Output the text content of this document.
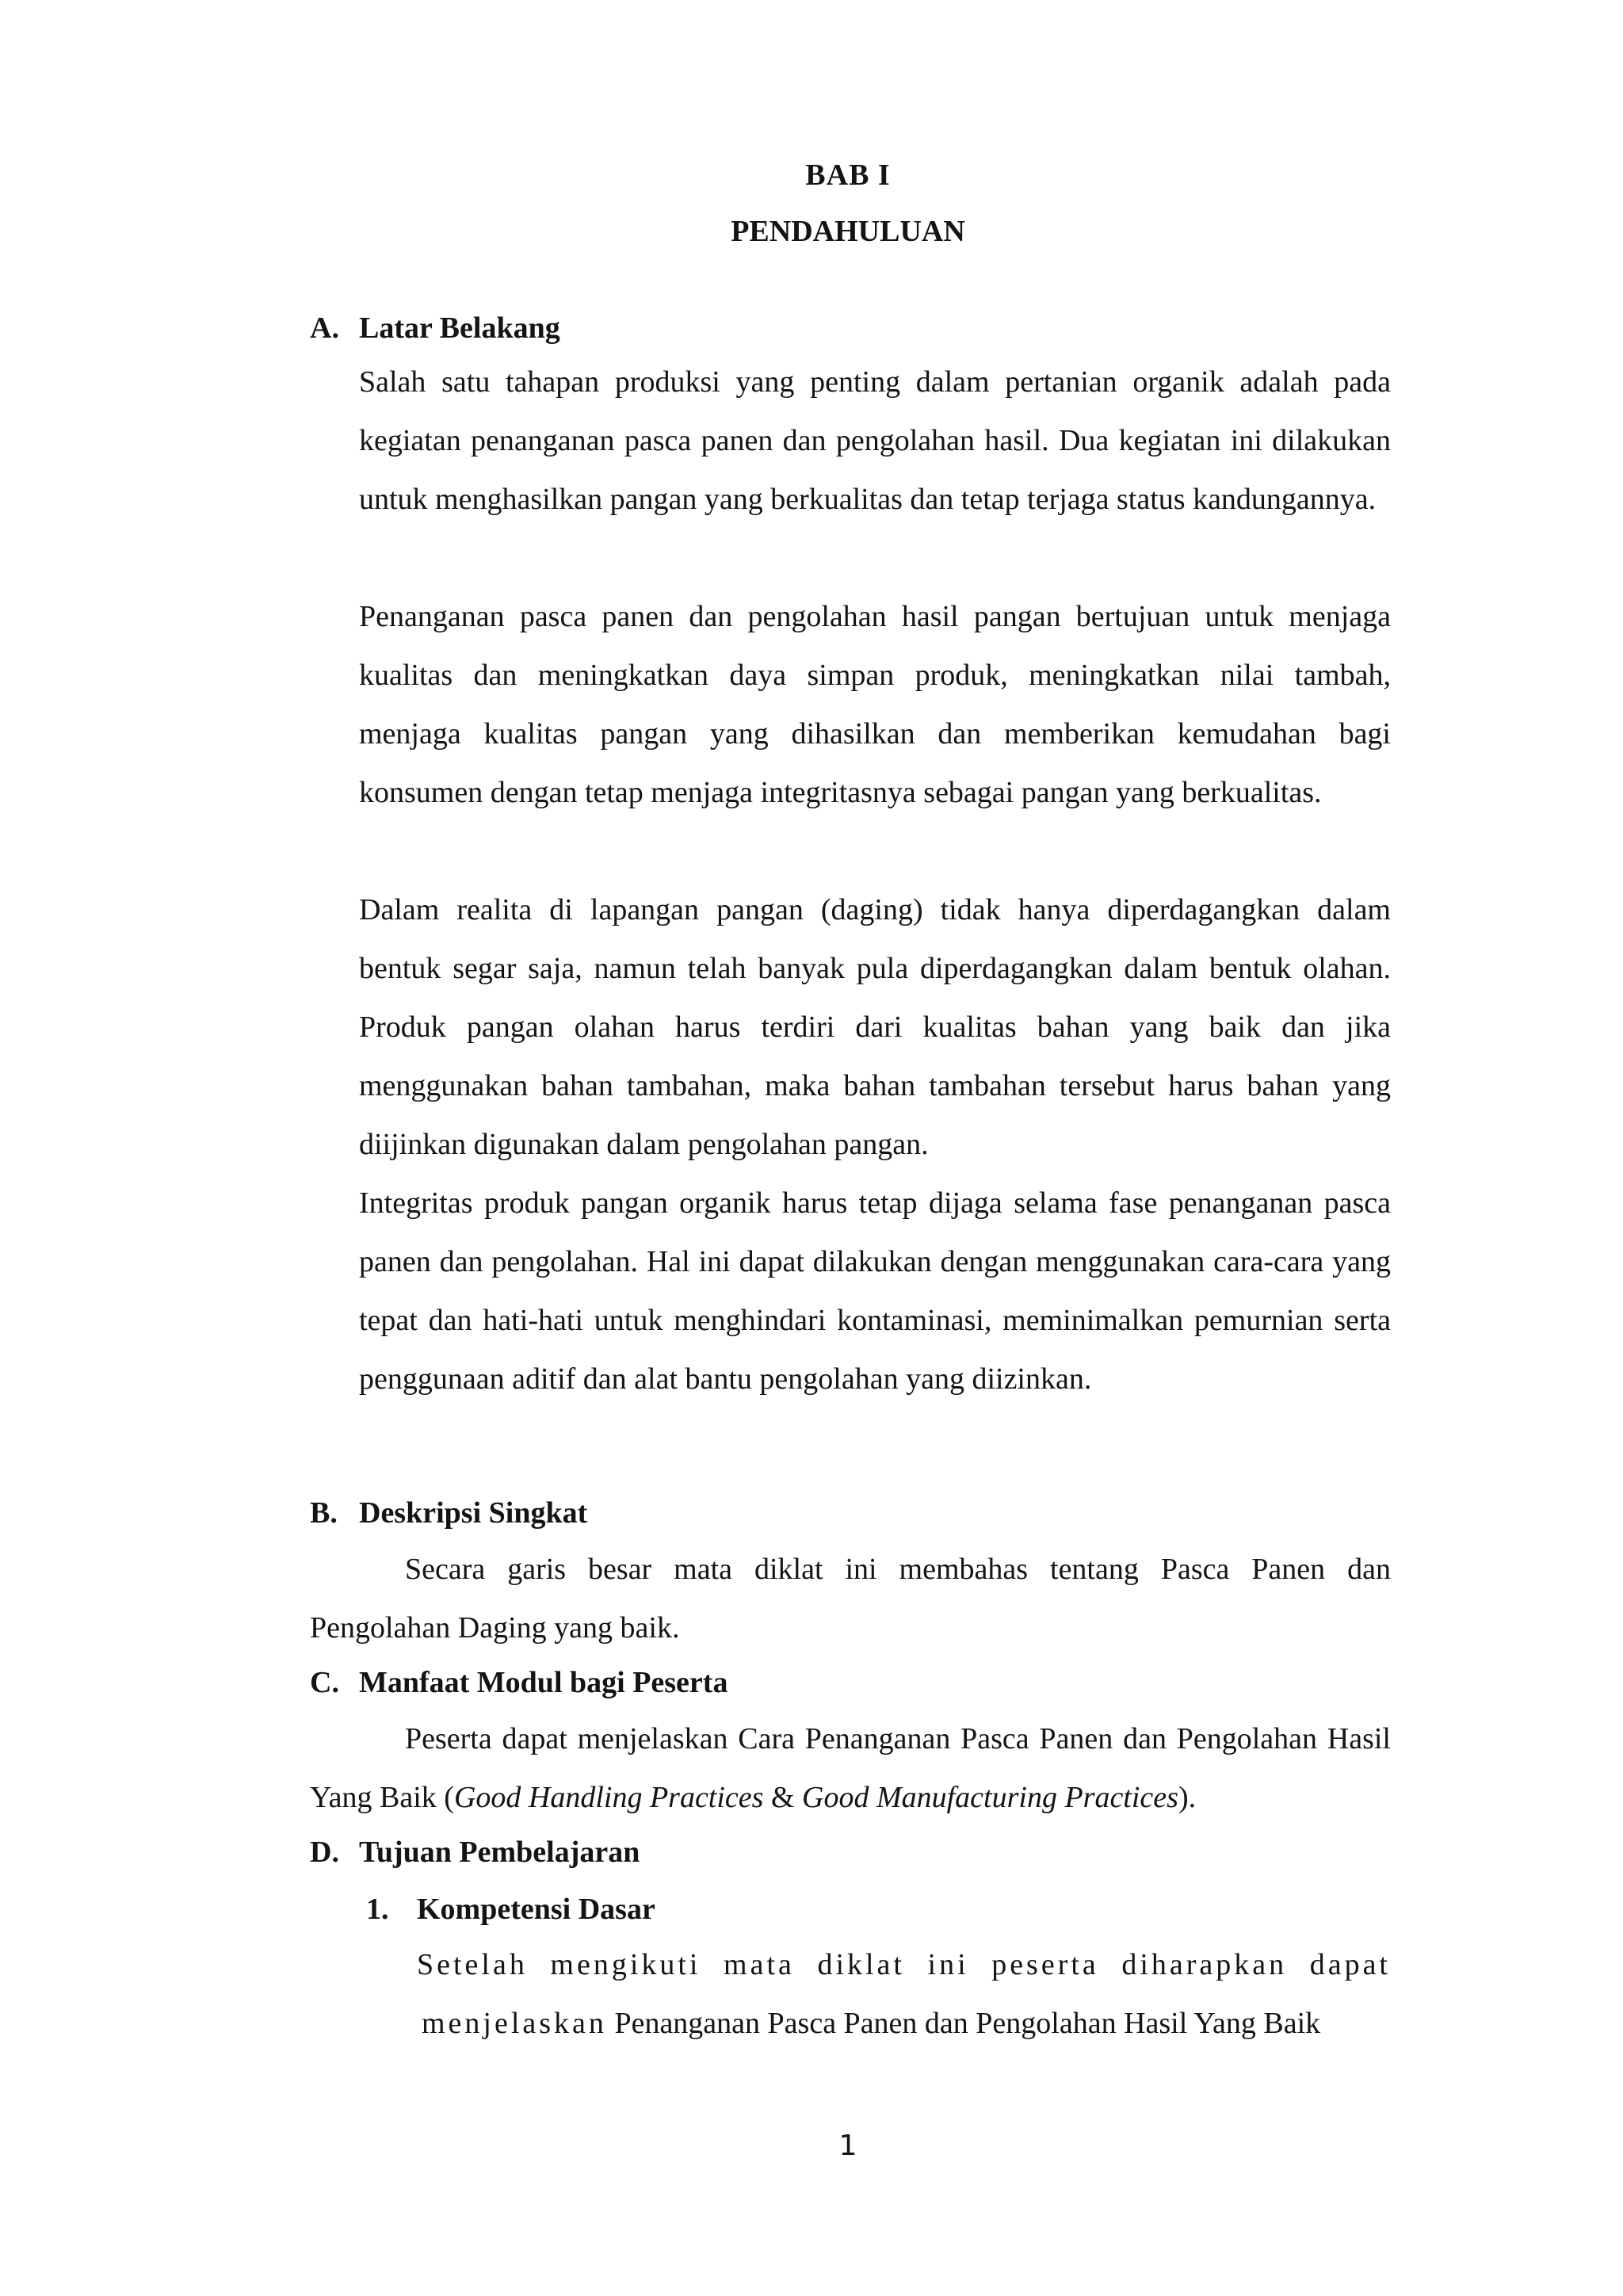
BAB I
PENDAHULUAN
A. Latar Belakang
Salah satu tahapan produksi yang penting dalam pertanian organik adalah pada kegiatan penanganan pasca panen dan pengolahan hasil. Dua kegiatan ini dilakukan untuk menghasilkan pangan yang berkualitas dan tetap terjaga status kandungannya.
Penanganan pasca panen dan pengolahan hasil pangan bertujuan untuk menjaga kualitas dan meningkatkan daya simpan produk, meningkatkan nilai tambah, menjaga kualitas pangan yang dihasilkan dan memberikan kemudahan bagi konsumen dengan tetap menjaga integritasnya sebagai pangan yang berkualitas.
Dalam realita di lapangan pangan (daging) tidak hanya diperdagangkan dalam bentuk segar saja, namun telah banyak pula diperdagangkan dalam bentuk olahan. Produk pangan olahan harus terdiri dari kualitas bahan yang baik dan jika menggunakan bahan tambahan, maka bahan tambahan tersebut harus bahan yang diijinkan digunakan dalam pengolahan pangan.
Integritas produk pangan organik harus tetap dijaga selama fase penanganan pasca panen dan pengolahan. Hal ini dapat dilakukan dengan menggunakan cara-cara yang tepat dan hati-hati untuk menghindari kontaminasi, meminimalkan pemurnian serta penggunaan aditif dan alat bantu pengolahan yang diizinkan.
B. Deskripsi Singkat
Secara garis besar mata diklat ini membahas tentang Pasca Panen dan Pengolahan Daging yang baik.
C. Manfaat Modul bagi Peserta
Peserta dapat menjelaskan Cara Penanganan Pasca Panen dan Pengolahan Hasil Yang Baik (Good Handling Practices & Good Manufacturing Practices).
D. Tujuan Pembelajaran
1. Kompetensi Dasar
Setelah mengikuti mata diklat ini peserta diharapkan dapat
menjelaskan Penanganan Pasca Panen dan Pengolahan Hasil Yang Baik
1
